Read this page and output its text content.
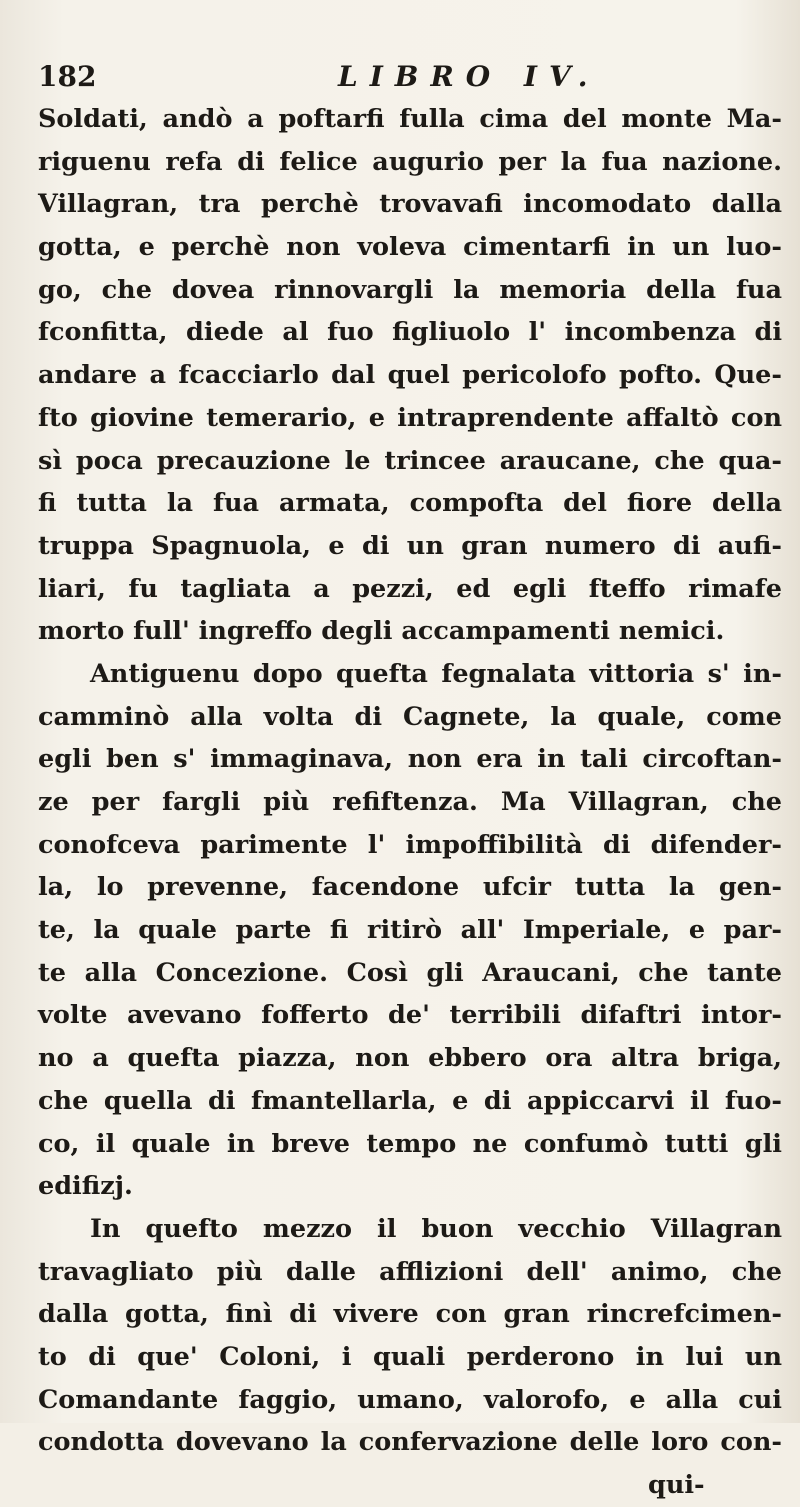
182	LIBRO IV.
Soldati, andò a poftarfi fulla cima del monte Ma-
riguenu refa di felice augurio per la fua nazione.
Villagran, tra perchè trovavafi incomodato dalla
gotta, e perchè non voleva cimentarfi in un luo-
go, che dovea rinnovargli la memoria della fua
fconfitta, diede al fuo figliuolo l' incombenza di
andare a fcacciarlo dal quel pericolofo pofto. Que-
fto giovine temerario, e intraprendente affaltò con
sì poca precauzione le trincee araucane, che qua-
fi tutta la fua armata, compofta del fiore della
truppa Spagnuola, e di un gran numero di aufi-
liari, fu tagliata a pezzi, ed egli fteffo rimafe
morto full' ingreffo degli accampamenti nemici.
Antiguenu dopo quefta fegnalata vittoria s' in-
camminò alla volta di Cagnete, la quale, come
egli ben s' immaginava, non era in tali circoftan-
ze per fargli più refiftenza. Ma Villagran, che
conofceva parimente l' impoffibilità di difender-
la, lo prevenne, facendone ufcir tutta la gen-
te, la quale parte fi ritirò all' Imperiale, e par-
te alla Concezione. Così gli Araucani, che tante
volte avevano fofferto de' terribili difaftri intor-
no a quefta piazza, non ebbero ora altra briga,
che quella di fmantellarla, e di appiccarvi il fuo-
co, il quale in breve tempo ne confumò tutti gli
edifizj.
In quefto mezzo il buon vecchio Villagran
travagliato più dalle afflizioni dell' animo, che
dalla gotta, finì di vivere con gran rincrefcimen-
to di que' Coloni, i quali perderono in lui un
Comandante faggio, umano, valorofo, e alla cui
condotta dovevano la confervazione delle loro con-
qui-
